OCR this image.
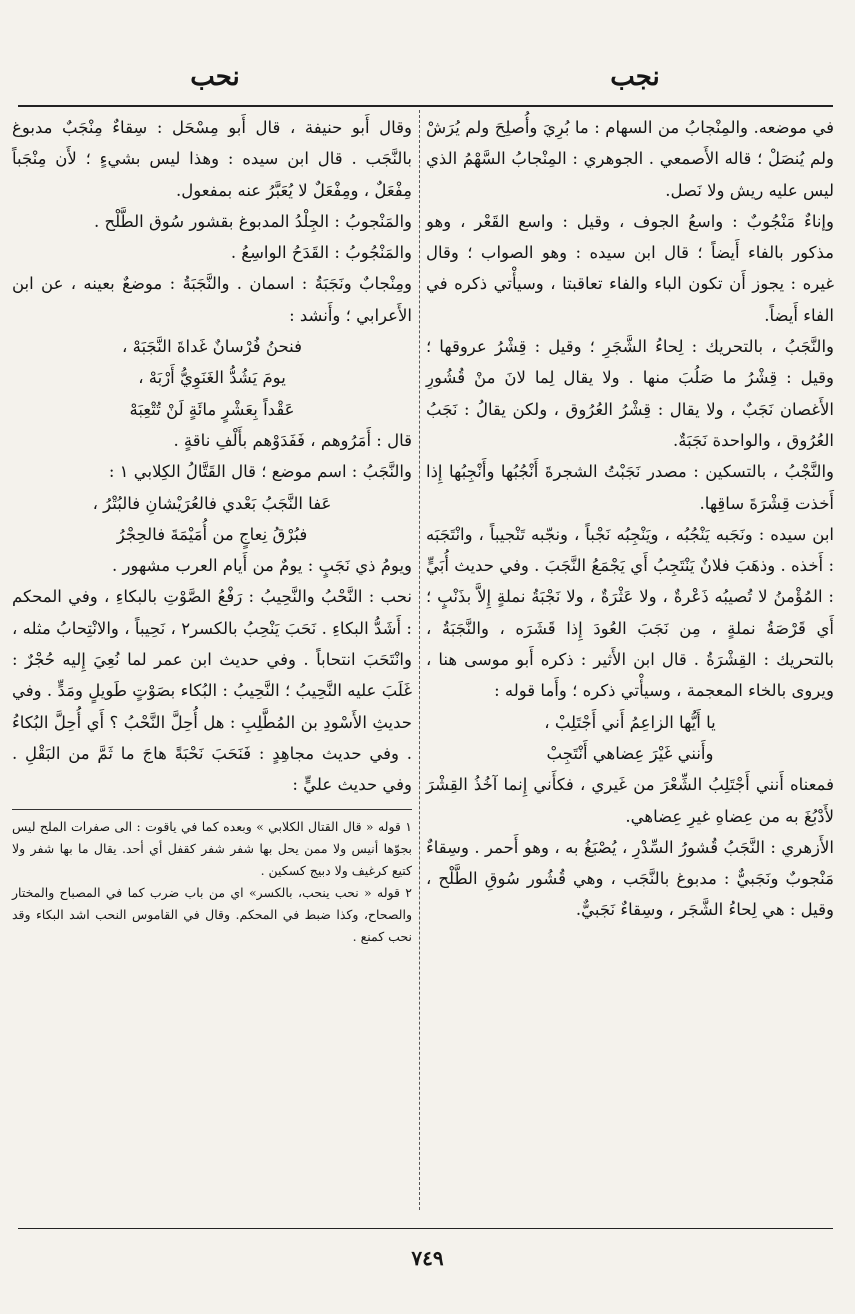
نجب
نحب

في موضعه. والمِنْجابُ من السهام : ما بُرِيَ وأُصلِحَ ولم يُرَشْ ولم يُنصَلْ ؛ قاله الأَصمعي . الجوهري : المِنْجابُ السَّهْمُ الذي ليس عليه ريش ولا نَصل.

وإناءٌ مَنْجُوبٌ : واسعُ الجوف ، وقيل : واسع القَعْر ، وهو مذكور بالفاء أَيضاً ؛ قال ابن سيده : وهو الصواب ؛ وقال غيره : يجوز أَن تكون الباء والفاء تعاقبتا ، وسيأْتي ذكره في الفاء أَيضاً.

والنَّجَبُ ، بالتحريك : لِحاءُ الشَّجَرِ ؛ وقيل : قِشْرُ عروقها ؛ وقيل : قِشْرُ ما صَلُبَ منها . ولا يقال لِما لانَ منْ قُشُورِ الأَغصان نَجَبٌ ، ولا يقال : قِشْرُ العُرُوق ، ولكن يقالُ : نَجَبُ العُرُوق ، والواحدة نَجَبَةٌ.

والنَّجْبُ ، بالتسكين : مصدر نَجَبْتُ الشجرةَ أَنْجُبُها وأَنْجِبُها إِذا أَخذت قِشْرَةَ ساقِها.

ابن سيده : ونَجَبه يَنْجُبُه ، ويَنْجِبُه نَجْباً ، ونجّبه تَنْجيباً ، وانْتَجَبَه : أَخذه . وذهَبَ فلانٌ يَنْتَجِبُ أَي يَجْمَعُ النَّجَبَ . وفي حديث أُبَيٍّ : المُؤْمنُ لا تُصيبُه ذَعْرةٌ ، ولا عَثْرَةٌ ، ولا نَجْبَةُ نملةٍ إِلاَّ بذَنْبٍ ؛ أَي قَرْصَةُ نملةٍ ، مِن نَجَبَ العُودَ إِذا قَشَرَه ، والنَّجَبَةُ ، بالتحريك : القِشْرَةُ . قال ابن الأَثير : ذكره أَبو موسى هنا ، ويروى بالخاء المعجمة ، وسيأْتي ذكره ؛ وأَما قوله :

يا أَيُّها الزاعِمُ أَني أَجْتَلِبْ ،

وأَنني غَيْرَ عِضاهي أَنْتَجِبْ

فمعناه أَنني أَجْتَلِبُ الشِّعْرَ من غَيري ، فكأَني إِنما آخُذُ القِشْرَ لأَدْبُغَ به من عِضاهِ غيرِ عِضاهي.

الأَزهري : النَّجَبُ قُشورُ السِّدْرِ ، يُصْبَغُ به ، وهو أَحمر . وسِقاءٌ مَنْجوبٌ ونَجَبيٌّ : مدبوغ بالنَّجَب ، وهي قُشُور سُوقِ الطَّلْح ، وقيل : هي لِحاءُ الشَّجَر ، وسِقاءٌ نَجَبيٌّ.

وقال أَبو حنيفة ، قال أَبو مِسْحَل : سِقاءٌ مِنْجَبٌ مدبوغ بالنَّجَب . قال ابن سيده : وهذا ليس بشيءٍ ؛ لأَن مِنْجَباً مِفْعَلٌ ، ومِفْعَلٌ لا يُعَبَّرُ عنه بمفعول.

والمَنْجوبُ : الجِلْدُ المدبوغ بقشور سُوق الطَّلْح .

والمَنْجُوبُ : القَدَحُ الواسِعُ .

ومِنْجابٌ ونَجَبَةُ : اسمان . والنَّجَبَةُ : موضعٌ بعينه ، عن ابن الأَعرابي ؛ وأَنشد :

فنحنُ فُرْسانٌ غَداةَ النَّجَبَهْ ،

يومَ يَشُدُّ الغَنَوِيُّ أَرْبَهْ ،

عَقْداً بِعَشْرٍ مائَةٍ لَنْ تُتْعِبَهْ

قال : أَمَرُوهم ، فَفَدَوْهم بأَلْفِ ناقةٍ .

والنَّجَبُ : اسم موضع ؛ قال القَتَّالُ الكِلابي ١ :

عَفا النَّجَبُ بَعْدي فالعُرَيْشانِ فالبُتْرُ ،

فبُرْقُ نِعاجٍ من أُمَيْمَةَ فالحِجْرُ

ويومُ ذي نَجَبٍ : يومٌ من أَيام العرب مشهور .

نحب : النَّحْبُ والنَّحِيبُ : رَفْعُ الصَّوْتِ بالبكاءِ ، وفي المحكم : أَشَدُّ البكاءِ . نَحَبَ يَنْحِبُ بالكسر٢ ، نَحِيباً ، والانْتِحابُ مثله ، وانْتَحَبَ انتحاباً . وفي حديث ابن عمر لما نُعِيَ إِليه حُجْرٌ : غَلَبَ عليه النَّحِيبُ ؛ النَّحِيبُ : البُكاء بصَوْتٍ طَويلٍ ومَدٍّ . وفي حديثِ الأَسْودِ بن المُطَّلِبِ : هل أُحِلَّ النَّحْبُ ؟ أَي أُحِلَّ البُكاءُ . وفي حديث مجاهِدٍ : فَنَحَبَ نَحْبَةً هاجَ ما ثَمَّ من البَقْلِ . وفي حديث عليٍّ :

١ قوله « قال القتال الكلابي » وبعده كما في ياقوت : الى صفرات الملح ليس بجوّها أنيس ولا ممن يحل بها شفر شفر كقفل أي أحد. يقال ما بها شفر ولا كتيع كرغيف ولا دبيج كسكين .

٢ قوله « نحب ينحب، بالكسر» اي من باب ضرب كما في المصباح والمختار والصحاح، وكذا ضبط في المحكم. وقال في القاموس النحب اشد البكاء وقد نحب كمنع .

٧٤٩
